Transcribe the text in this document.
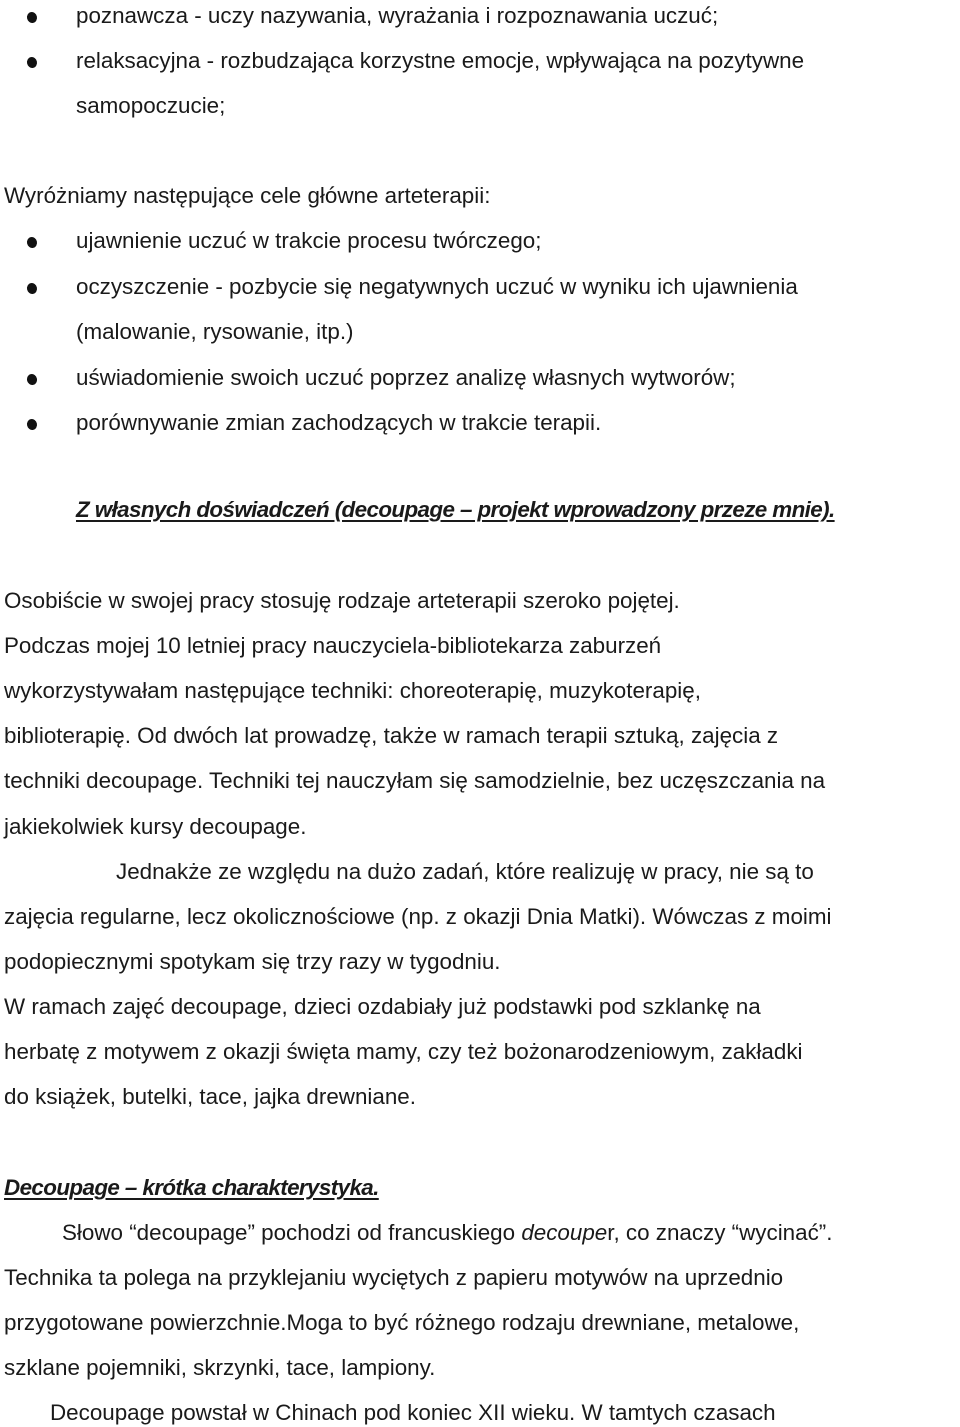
poznawcza - uczy nazywania, wyrażania i rozpoznawania uczuć;
relaksacyjna - rozbudzająca korzystne emocje, wpływająca na pozytywne
samopoczucie;
Wyróżniamy następujące cele główne arteterapii:
ujawnienie uczuć w trakcie procesu twórczego;
oczyszczenie - pozbycie się negatywnych uczuć w wyniku ich ujawnienia
(malowanie, rysowanie, itp.)
uświadomienie swoich uczuć poprzez analizę własnych wytworów;
porównywanie zmian zachodzących w trakcie terapii.
Z własnych doświadczeń (decoupage – projekt wprowadzony przeze mnie).
Osobiście w swojej pracy stosuję rodzaje arteterapii szeroko pojętej.
Podczas mojej 10 letniej pracy nauczyciela-bibliotekarza zaburzeń
wykorzystywałam następujące techniki: choreoterapię, muzykoterapię,
biblioterapię. Od dwóch lat prowadzę, także w ramach terapii sztuką, zajęcia z
techniki decoupage. Techniki tej nauczyłam się samodzielnie, bez uczęszczania na
jakiekolwiek kursy decoupage.
Jednakże ze względu na dużo zadań, które realizuję w pracy, nie są to
zajęcia regularne, lecz okolicznościowe (np. z okazji Dnia Matki). Wówczas z moimi
podopiecznymi spotykam się trzy razy w tygodniu.
W ramach zajęć decoupage, dzieci ozdabiały już podstawki pod szklankę na
herbatę z motywem z okazji święta mamy, czy też bożonarodzeniowym, zakładki
do książek, butelki, tace, jajka drewniane.
Decoupage – krótka charakterystyka.
Słowo “decoupage” pochodzi od francuskiego decouper, co znaczy “wycinać”.
Technika ta polega na przyklejaniu wyciętych z papieru motywów na uprzednio
przygotowane powierzchnie.Moga to być różnego rodzaju drewniane, metalowe,
szklane pojemniki, skrzynki, tace, lampiony.
Decoupage powstał w Chinach pod koniec XII wieku. W tamtych czasach
